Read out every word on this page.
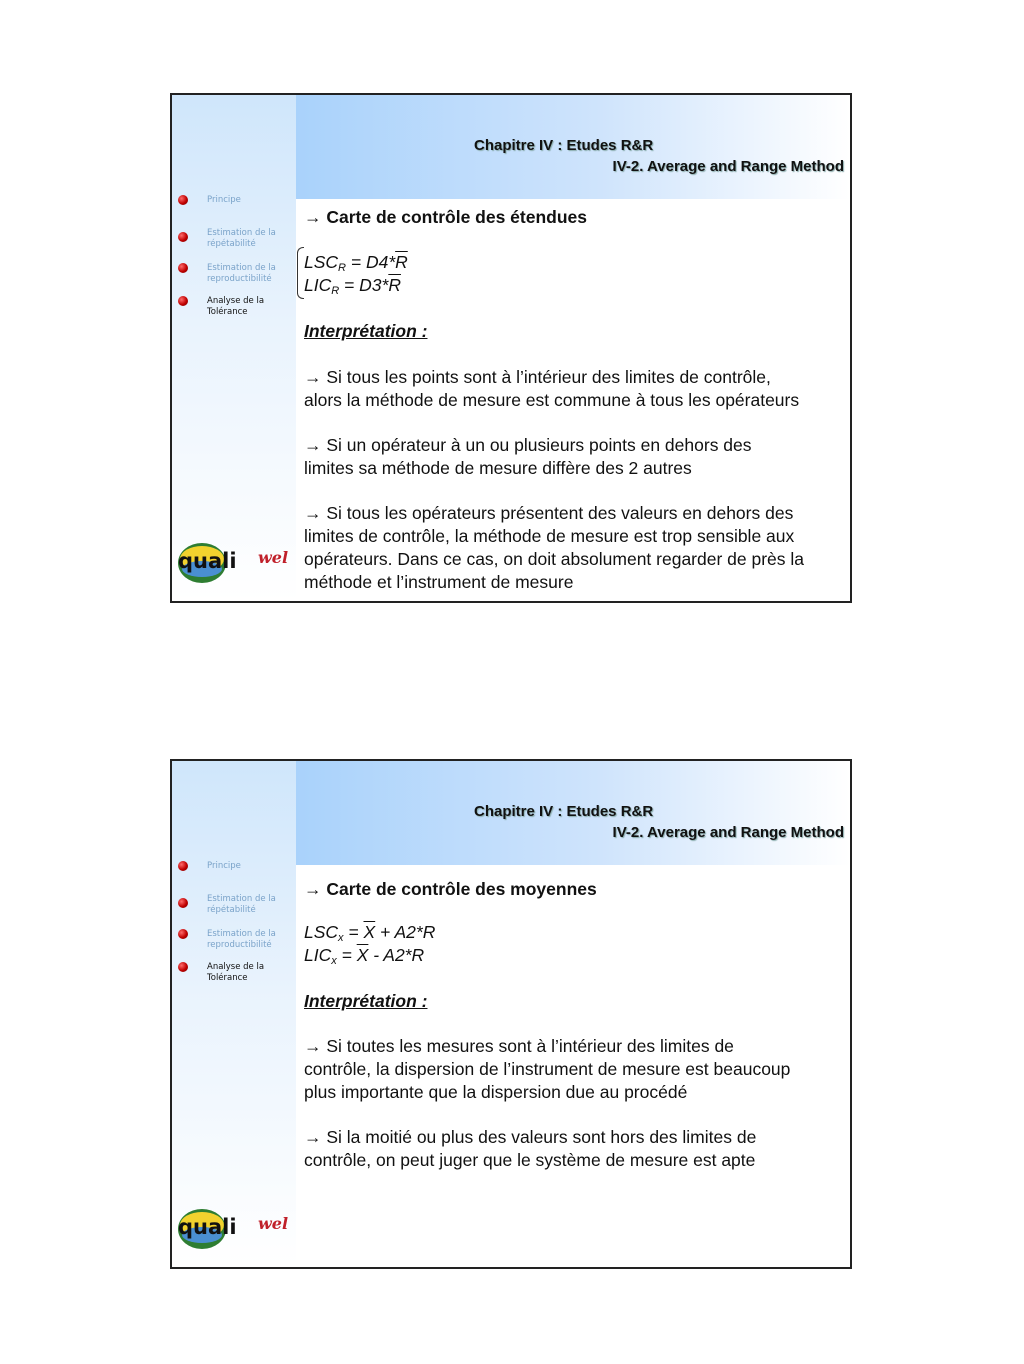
Chapitre IV : Etudes R&R
IV-2. Average and Range Method
Principe
Estimation de la répétabilité
Estimation de la reproductibilité
Analyse de la Tolérance
quali wel
→ Carte de contrôle des étendues
$LSC_R = D4*\overline{R}$
$LIC_R = D3*\overline{R}$
Interprétation :
→ Si tous les points sont à l’intérieur des limites de contrôle,
alors la méthode de mesure est commune à tous les opérateurs
→ Si un opérateur à un ou plusieurs points en dehors des
limites sa méthode de mesure diffère des 2 autres
→ Si tous les opérateurs présentent des valeurs en dehors des
limites de contrôle, la méthode de mesure est trop sensible aux
opérateurs. Dans ce cas, on doit absolument regarder de près la
méthode et l’instrument de mesure
Chapitre IV : Etudes R&R
IV-2. Average and Range Method
Principe
Estimation de la répétabilité
Estimation de la reproductibilité
Analyse de la Tolérance
quali wel
→ Carte de contrôle des moyennes
$LSC_x = \overline{X} + A2*R$
$LIC_x = \overline{X} - A2*R$
Interprétation :
→ Si toutes les mesures sont à l’intérieur des limites de
contrôle, la dispersion de l’instrument de mesure est beaucoup
plus importante que la dispersion due au procédé
→ Si la moitié ou plus des valeurs sont hors des limites de
contrôle, on peut juger que le système de mesure est apte
